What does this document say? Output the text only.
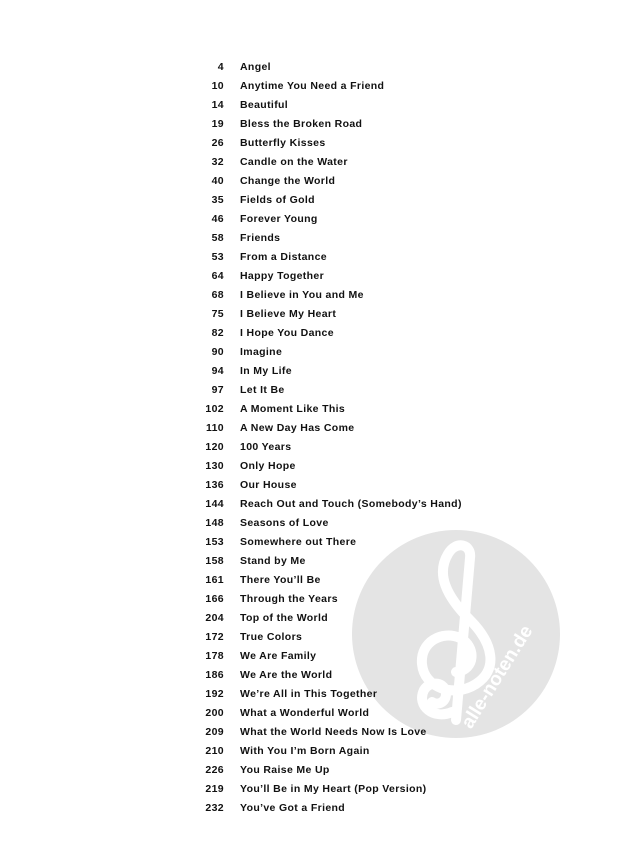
alle-noten.de
4 Angel
10 Anytime You Need a Friend
14 Beautiful
19 Bless the Broken Road
26 Butterfly Kisses
32 Candle on the Water
40 Change the World
35 Fields of Gold
46 Forever Young
58 Friends
53 From a Distance
64 Happy Together
68 I Believe in You and Me
75 I Believe My Heart
82 I Hope You Dance
90 Imagine
94 In My Life
97 Let It Be
102 A Moment Like This
110 A New Day Has Come
120 100 Years
130 Only Hope
136 Our House
144 Reach Out and Touch (Somebody’s Hand)
148 Seasons of Love
153 Somewhere out There
158 Stand by Me
161 There You’ll Be
166 Through the Years
204 Top of the World
172 True Colors
178 We Are Family
186 We Are the World
192 We’re All in This Together
200 What a Wonderful World
209 What the World Needs Now Is Love
210 With You I’m Born Again
226 You Raise Me Up
219 You’ll Be in My Heart (Pop Version)
232 You’ve Got a Friend
